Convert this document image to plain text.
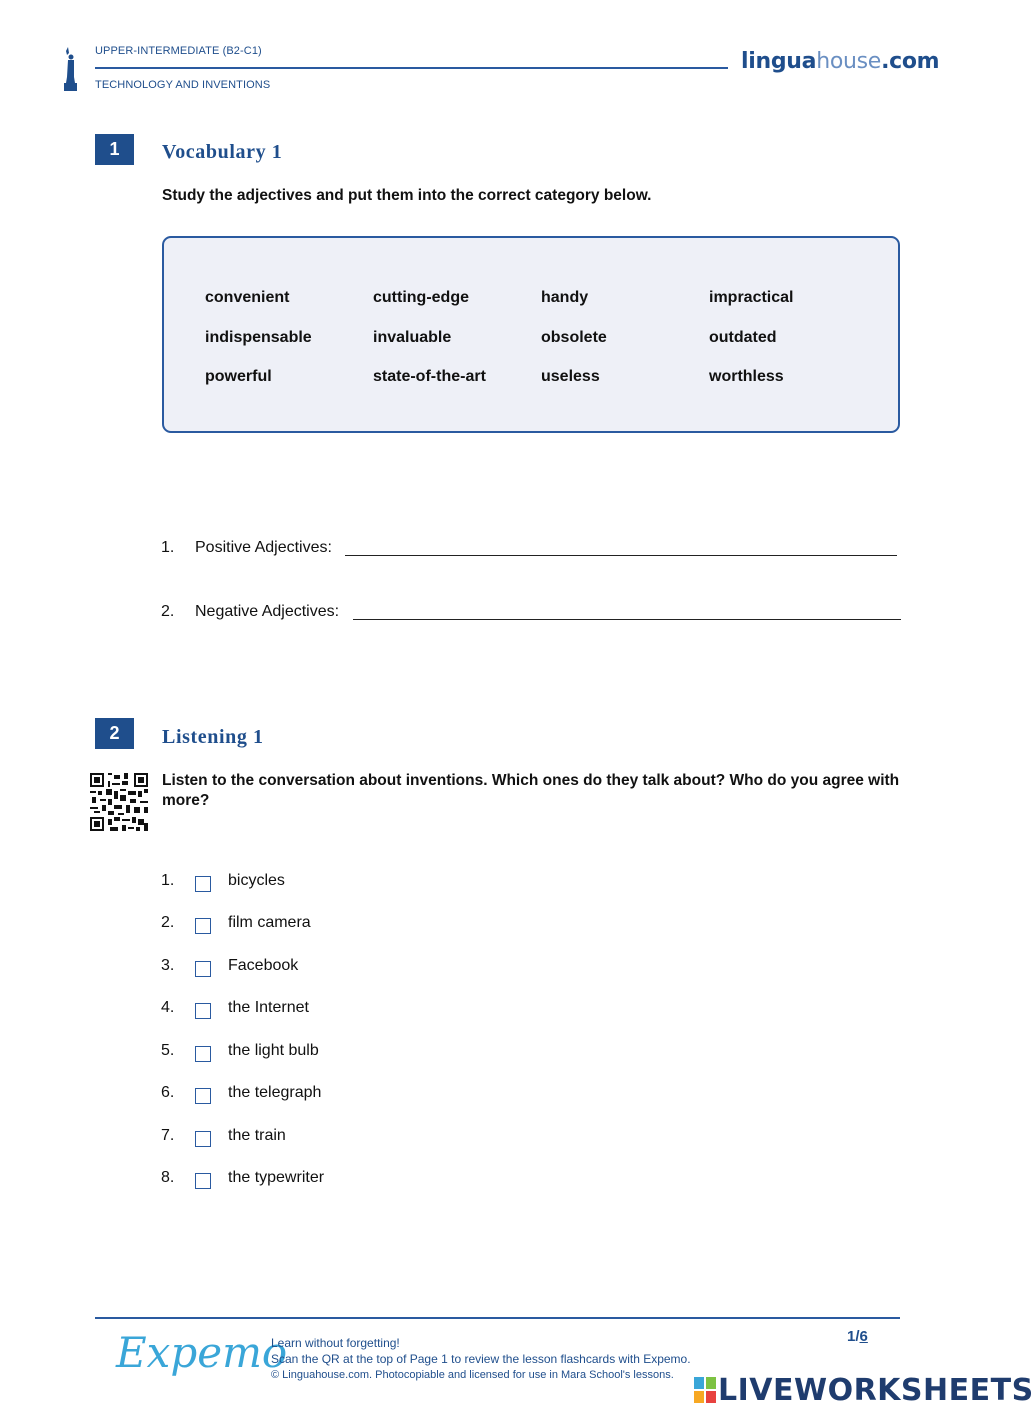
UPPER-INTERMEDIATE (B2-C1)
TECHNOLOGY AND INVENTIONS
linguahouse.com
1	Vocabulary 1
Study the adjectives and put them into the correct category below.
convenient	cutting-edge	handy	impractical
indispensable	invaluable	obsolete	outdated
powerful	state-of-the-art	useless	worthless
1. Positive Adjectives:
2. Negative Adjectives:
2	Listening 1
Listen to the conversation about inventions. Which ones do they talk about? Who do you agree with more?
1.	bicycles
2.	film camera
3.	Facebook
4.	the Internet
5.	the light bulb
6.	the telegraph
7.	the train
8.	the typewriter
Expemo
Learn without forgetting!
Scan the QR at the top of Page 1 to review the lesson flashcards with Expemo.
© Linguahouse.com. Photocopiable and licensed for use in Mara School's lessons.
1/6
LIVEWORKSHEETS
